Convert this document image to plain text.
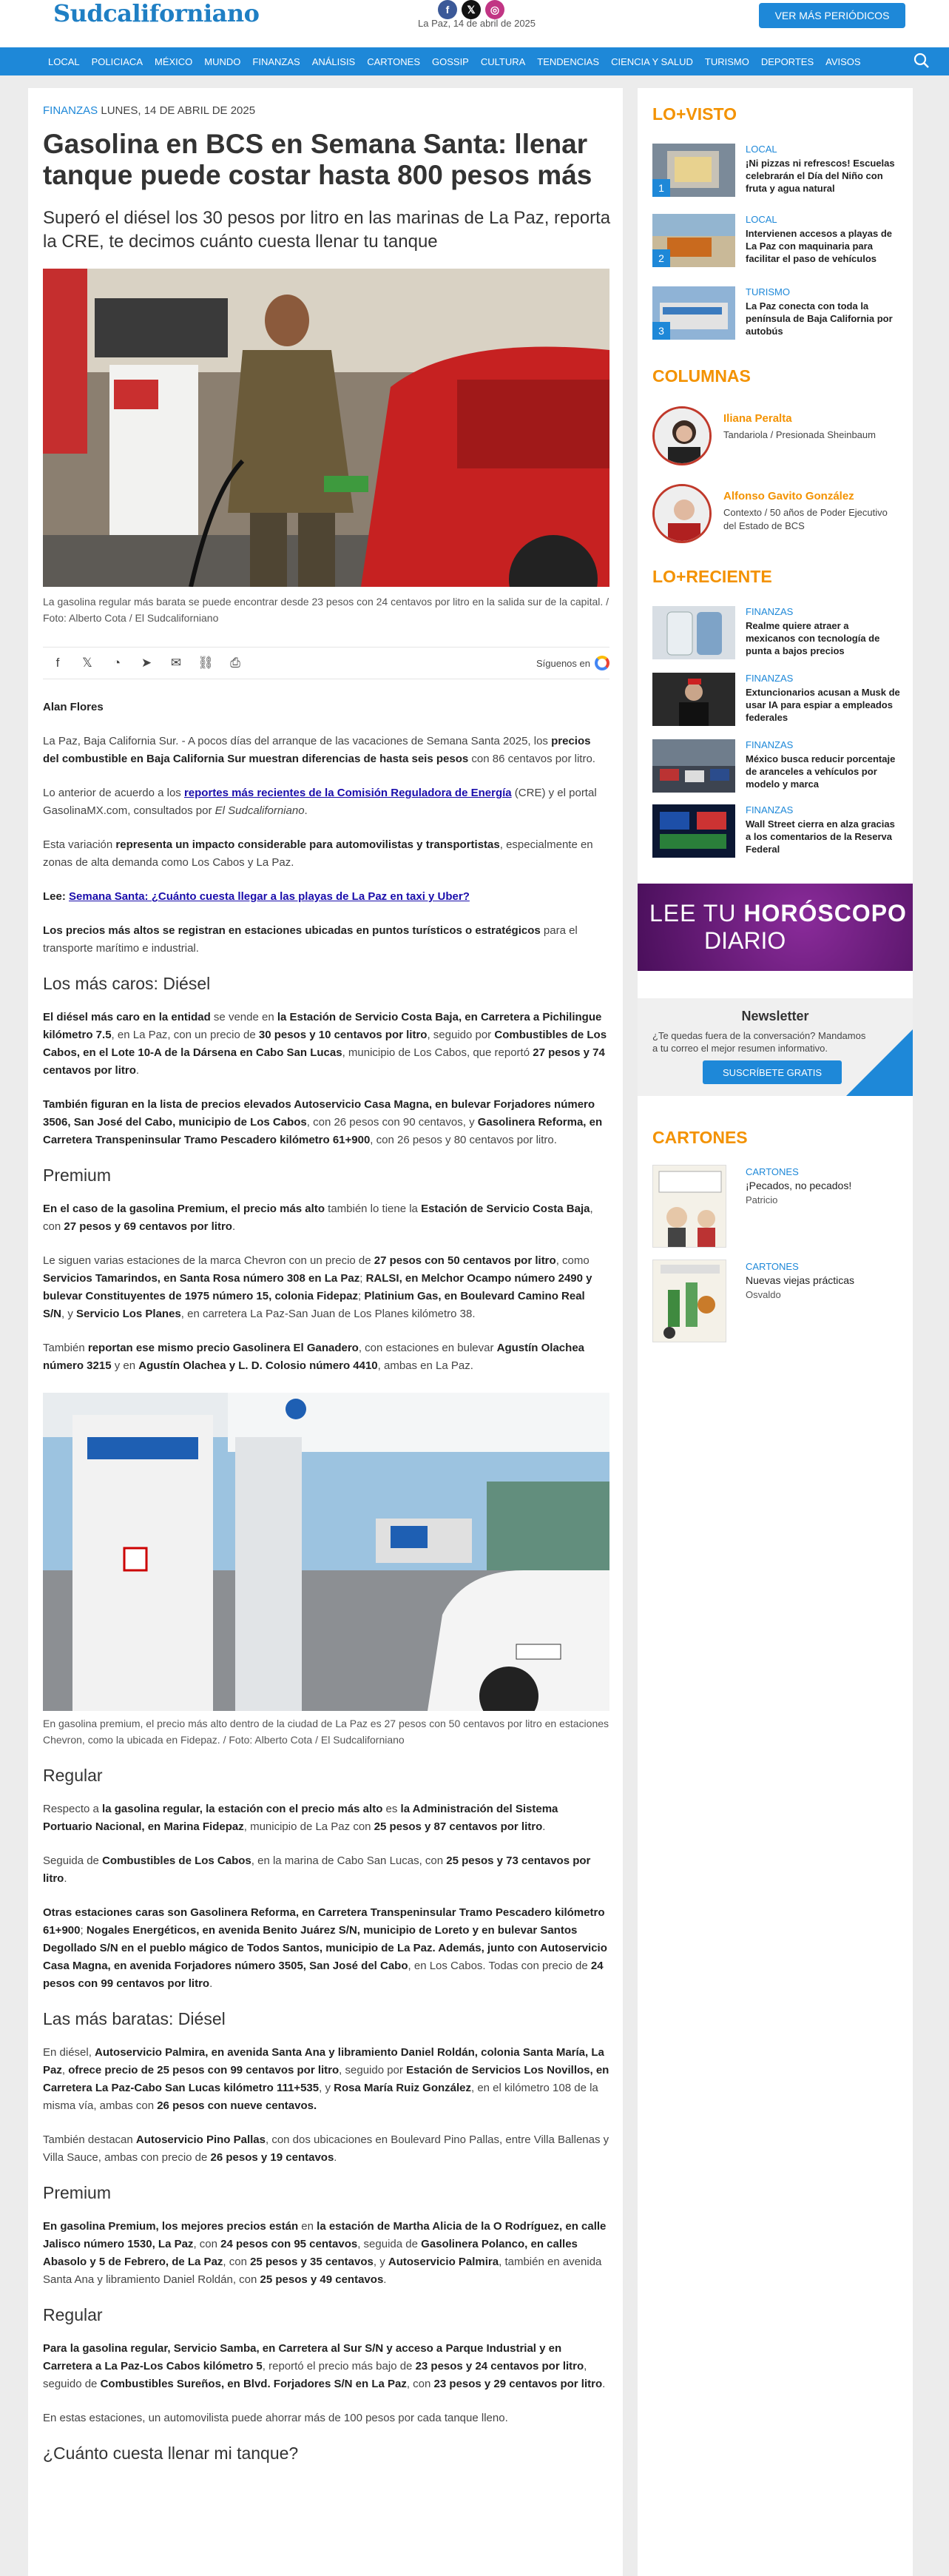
Sudcaliforniano	f	𝕏	◎
La Paz, 14 de abril de 2025
VER MÁS PERIÓDICOS
LOCAL	POLICIACA	MÉXICO	MUNDO	FINANZAS	ANÁLISIS	CARTONES	GOSSIP	CULTURA	TENDENCIAS	CIENCIA Y SALUD	TURISMO	DEPORTES	AVISOS
FINANZAS LUNES, 14 DE ABRIL DE 2025
Gasolina en BCS en Semana Santa: llenar tanque puede costar hasta 800 pesos más
Superó el diésel los 30 pesos por litro en las marinas de La Paz, reporta la CRE, te decimos cuánto cuesta llenar tu tanque
La gasolina regular más barata se puede encontrar desde 23 pesos con 24 centavos por litro en la salida sur de la capital. / Foto: Alberto Cota / El Sudcaliforniano
f	𝕏	◔	➤	✉	⛓	⎙	Síguenos en
Alan Flores
La Paz, Baja California Sur. - A pocos días del arranque de las vacaciones de Semana Santa 2025, los precios del combustible en Baja California Sur muestran diferencias de hasta seis pesos con 86 centavos por litro.
Lo anterior de acuerdo a los reportes más recientes de la Comisión Reguladora de Energía (CRE) y el portal GasolinaMX.com, consultados por El Sudcaliforniano.
Esta variación representa un impacto considerable para automovilistas y transportistas, especialmente en zonas de alta demanda como Los Cabos y La Paz.
Lee: Semana Santa: ¿Cuánto cuesta llegar a las playas de La Paz en taxi y Uber?
Los precios más altos se registran en estaciones ubicadas en puntos turísticos o estratégicos para el transporte marítimo e industrial.
Los más caros: Diésel
El diésel más caro en la entidad se vende en la Estación de Servicio Costa Baja, en Carretera a Pichilingue kilómetro 7.5, en La Paz, con un precio de 30 pesos y 10 centavos por litro, seguido por Combustibles de Los Cabos, en el Lote 10-A de la Dársena en Cabo San Lucas, municipio de Los Cabos, que reportó 27 pesos y 74 centavos por litro.
También figuran en la lista de precios elevados Autoservicio Casa Magna, en bulevar Forjadores número 3506, San José del Cabo, municipio de Los Cabos, con 26 pesos con 90 centavos, y Gasolinera Reforma, en Carretera Transpeninsular Tramo Pescadero kilómetro 61+900, con 26 pesos y 80 centavos por litro.
Premium
En el caso de la gasolina Premium, el precio más alto también lo tiene la Estación de Servicio Costa Baja, con 27 pesos y 69 centavos por litro.
Le siguen varias estaciones de la marca Chevron con un precio de 27 pesos con 50 centavos por litro, como Servicios Tamarindos, en Santa Rosa número 308 en La Paz; RALSI, en Melchor Ocampo número 2490 y bulevar Constituyentes de 1975 número 15, colonia Fidepaz; Platinium Gas, en Boulevard Camino Real S/N, y Servicio Los Planes, en carretera La Paz-San Juan de Los Planes kilómetro 38.
También reportan ese mismo precio Gasolinera El Ganadero, con estaciones en bulevar Agustín Olachea número 3215 y en Agustín Olachea y L. D. Colosio número 4410, ambas en La Paz.
En gasolina premium, el precio más alto dentro de la ciudad de La Paz es 27 pesos con 50 centavos por litro en estaciones Chevron, como la ubicada en Fidepaz. / Foto: Alberto Cota / El Sudcaliforniano
Regular
Respecto a la gasolina regular, la estación con el precio más alto es la Administración del Sistema Portuario Nacional, en Marina Fidepaz, municipio de La Paz con 25 pesos y 87 centavos por litro.
Seguida de Combustibles de Los Cabos, en la marina de Cabo San Lucas, con 25 pesos y 73 centavos por litro.
Otras estaciones caras son Gasolinera Reforma, en Carretera Transpeninsular Tramo Pescadero kilómetro 61+900; Nogales Energéticos, en avenida Benito Juárez S/N, municipio de Loreto y en bulevar Santos Degollado S/N en el pueblo mágico de Todos Santos, municipio de La Paz. Además, junto con Autoservicio Casa Magna, en avenida Forjadores número 3505, San José del Cabo, en Los Cabos. Todas con precio de 24 pesos con 99 centavos por litro.
Las más baratas: Diésel
En diésel, Autoservicio Palmira, en avenida Santa Ana y libramiento Daniel Roldán, colonia Santa María, La Paz, ofrece precio de 25 pesos con 99 centavos por litro, seguido por Estación de Servicios Los Novillos, en Carretera La Paz-Cabo San Lucas kilómetro 111+535, y Rosa María Ruiz González, en el kilómetro 108 de la misma vía, ambas con 26 pesos con nueve centavos.
También destacan Autoservicio Pino Pallas, con dos ubicaciones en Boulevard Pino Pallas, entre Villa Ballenas y Villa Sauce, ambas con precio de 26 pesos y 19 centavos.
Premium
En gasolina Premium, los mejores precios están en la estación de Martha Alicia de la O Rodríguez, en calle Jalisco número 1530, La Paz, con 24 pesos con 95 centavos, seguida de Gasolinera Polanco, en calles Abasolo y 5 de Febrero, de La Paz, con 25 pesos y 35 centavos, y Autoservicio Palmira, también en avenida Santa Ana y libramiento Daniel Roldán, con 25 pesos y 49 centavos.
Regular
Para la gasolina regular, Servicio Samba, en Carretera al Sur S/N y acceso a Parque Industrial y en Carretera a La Paz-Los Cabos kilómetro 5, reportó el precio más bajo de 23 pesos y 24 centavos por litro, seguido de Combustibles Sureños, en Blvd. Forjadores S/N en La Paz, con 23 pesos y 29 centavos por litro.
En estas estaciones, un automovilista puede ahorrar más de 100 pesos por cada tanque lleno.
¿Cuánto cuesta llenar mi tanque?
LO+VISTO
1
LOCAL
¡Ni pizzas ni refrescos! Escuelas celebrarán el Día del Niño con fruta y agua natural
2
LOCAL
Intervienen accesos a playas de La Paz con maquinaria para facilitar el paso de vehículos
3
TURISMO
La Paz conecta con toda la península de Baja California por autobús
COLUMNAS
Iliana Peralta
Tandariola / Presionada Sheinbaum
Alfonso Gavito González
Contexto / 50 años de Poder Ejecutivo del Estado de BCS
LO+RECIENTE
FINANZAS
Realme quiere atraer a mexicanos con tecnología de punta a bajos precios
FINANZAS
Extuncionarios acusan a Musk de usar IA para espiar a empleados federales
FINANZAS
México busca reducir porcentaje de aranceles a vehículos por modelo y marca
FINANZAS
Wall Street cierra en alza gracias a los comentarios de la Reserva Federal
LEE TU HORÓSCOPO
DIARIO
Newsletter
¿Te quedas fuera de la conversación? Mandamos a tu correo el mejor resumen informativo.
SUSCRÍBETE GRATIS
CARTONES
CARTONES
¡Pecados, no pecados!
Patricio
CARTONES
Nuevas viejas prácticas
Osvaldo
